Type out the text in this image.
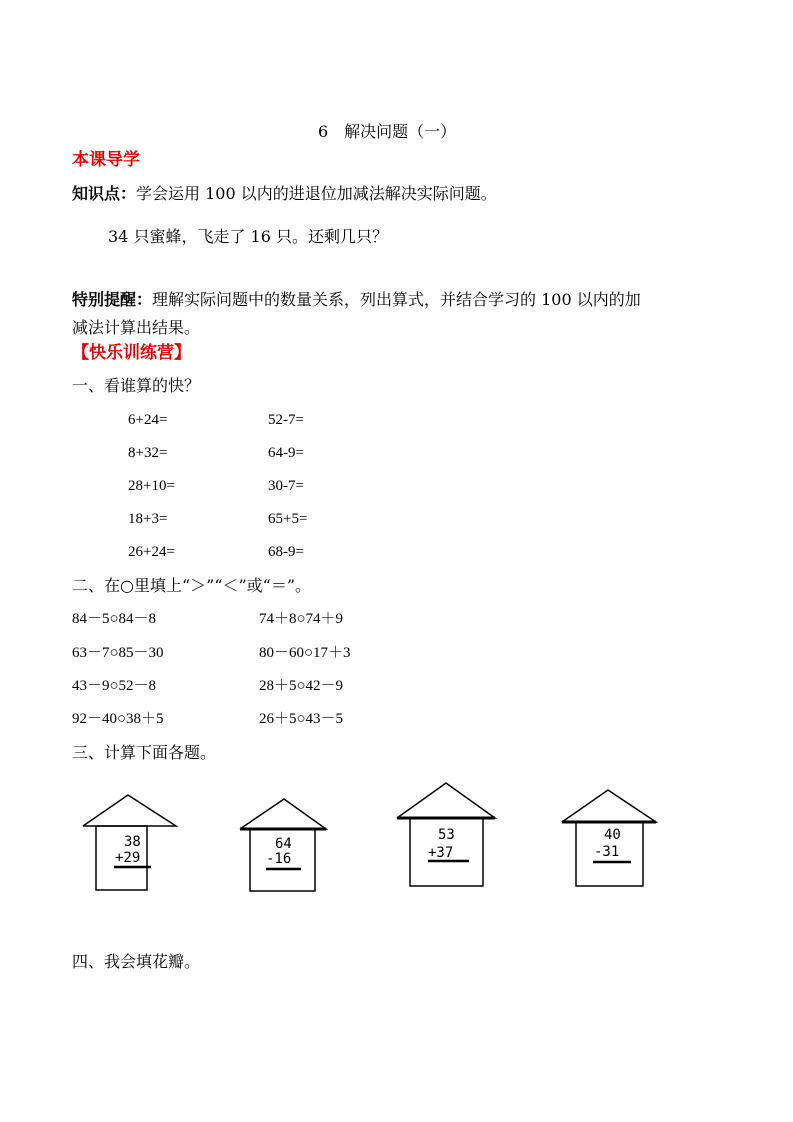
6　解决问题（一）
本课导学
知识点：学会运用 100 以内的进退位加减法解决实际问题。
34 只蜜蜂，飞走了 16 只。还剩几只？
特别提醒：理解实际问题中的数量关系，列出算式，并结合学习的 100 以内的加
减法计算出结果。
【快乐训练营】
一、看谁算的快？
6+24=
8+32=
28+10=
18+3=
26+24=
52-7=
64-9=
30-7=
65+5=
68-9=
二、在○里填上“＞”“＜”或“＝”。
84－5○84－8
63－7○85－30
43－9○52－8
92－40○38＋5
74＋8○74＋9
80－60○17＋3
28＋5○42－9
26＋5○43－5
三、计算下面各题。
38
+29
64
-16
53
+37
40
-31
四、我会填花瓣。
